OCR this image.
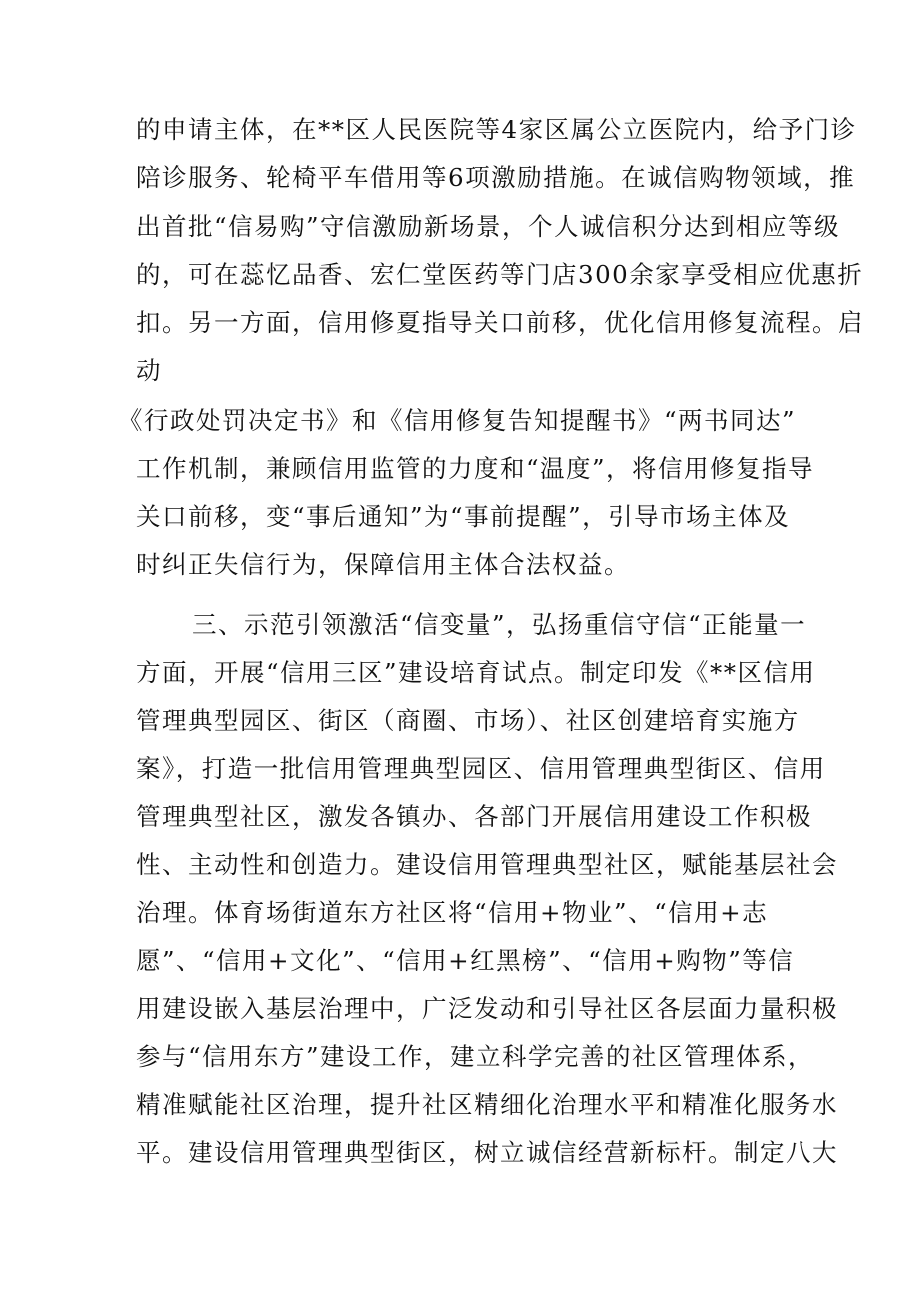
的申请主体，在**区人民医院等4家区属公立医院内，给予门诊

陪诊服务、轮椅平车借用等6项激励措施。在诚信购物领域，推

出首批“信易购”守信激励新场景，个人诚信积分达到相应等级

的，可在蕊忆品香、宏仁堂医药等门店300余家享受相应优惠折

扣。另一方面，信用修夏指导关口前移，优化信用修复流程。启

动

《行政处罚决定书》和《信用修复告知提醒书》“两书同达”

工作机制，兼顾信用监管的力度和“温度”，将信用修复指导

关口前移，变“事后通知”为“事前提醒”，引导市场主体及

时纠正失信行为，保障信用主体合法权益。

三、示范引领激活“信变量”，弘扬重信守信“正能量一

方面，开展“信用三区”建设培育试点。制定印发《**区信用

管理典型园区、街区（商圈、市场）、社区创建培育实施方

案》，打造一批信用管理典型园区、信用管理典型街区、信用

管理典型社区，激发各镇办、各部门开展信用建设工作积极

性、主动性和创造力。建设信用管理典型社区，赋能基层社会

治理。体育场街道东方社区将“信用+物业”、“信用+志

愿”、“信用+文化”、“信用+红黑榜”、“信用+购物”等信

用建设嵌入基层治理中，广泛发动和引导社区各层面力量积极

参与“信用东方”建设工作，建立科学完善的社区管理体系，

精准赋能社区治理，提升社区精细化治理水平和精准化服务水

平。建设信用管理典型街区，树立诚信经营新标杆。制定八大
